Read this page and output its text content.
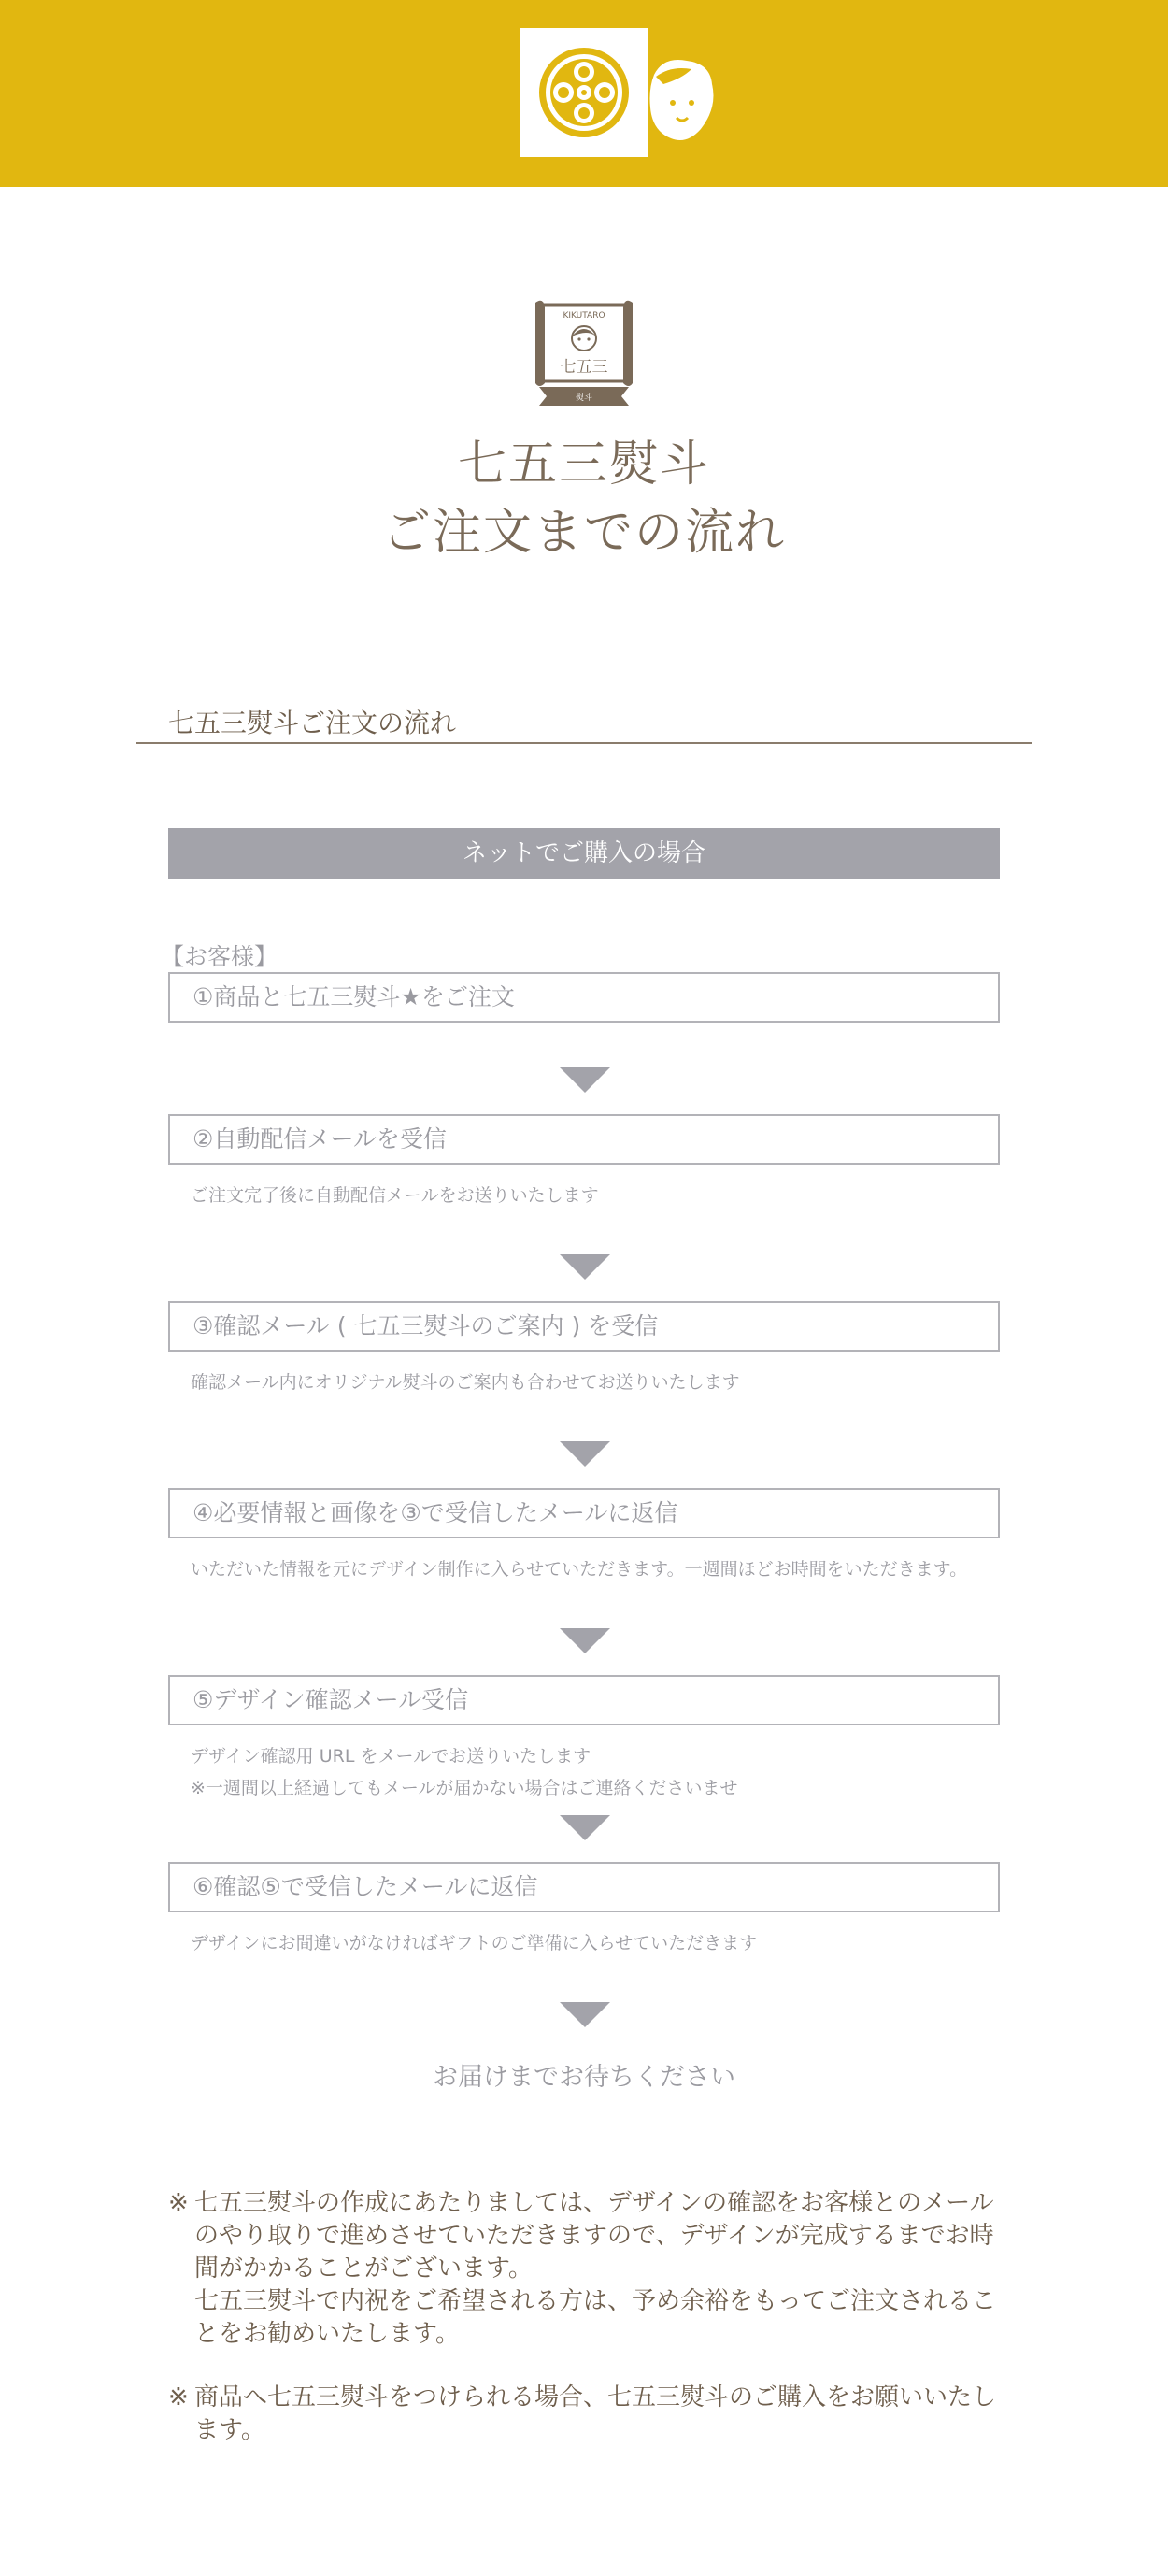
KIKUTARO
七五三
熨斗
七五三熨斗
ご注文までの流れ
七五三熨斗ご注文の流れ
ネットでご購入の場合
【お客様】
①商品と七五三熨斗★をご注文
②自動配信メールを受信
ご注文完了後に自動配信メールをお送りいたします
③確認メール ( 七五三熨斗のご案内 ) を受信
確認メール内にオリジナル熨斗のご案内も合わせてお送りいたします
④必要情報と画像を③で受信したメールに返信
いただいた情報を元にデザイン制作に入らせていただきます。一週間ほどお時間をいただきます。
⑤デザイン確認メール受信
デザイン確認用 URL をメールでお送りいたします
※一週間以上経過してもメールが届かない場合はご連絡くださいませ
⑥確認⑤で受信したメールに返信
デザインにお間違いがなければギフトのご準備に入らせていただきます
お届けまでお待ちください
※ 七五三熨斗の作成にあたりましては、デザインの確認をお客様とのメールのやり取りで進めさせていただきますので、デザインが完成するまでお時間がかかることがございます。

七五三熨斗で内祝をご希望される方は、予め余裕をもってご注文されることをお勧めいたします。

※ 商品へ七五三熨斗をつけられる場合、七五三熨斗のご購入をお願いいたします。
